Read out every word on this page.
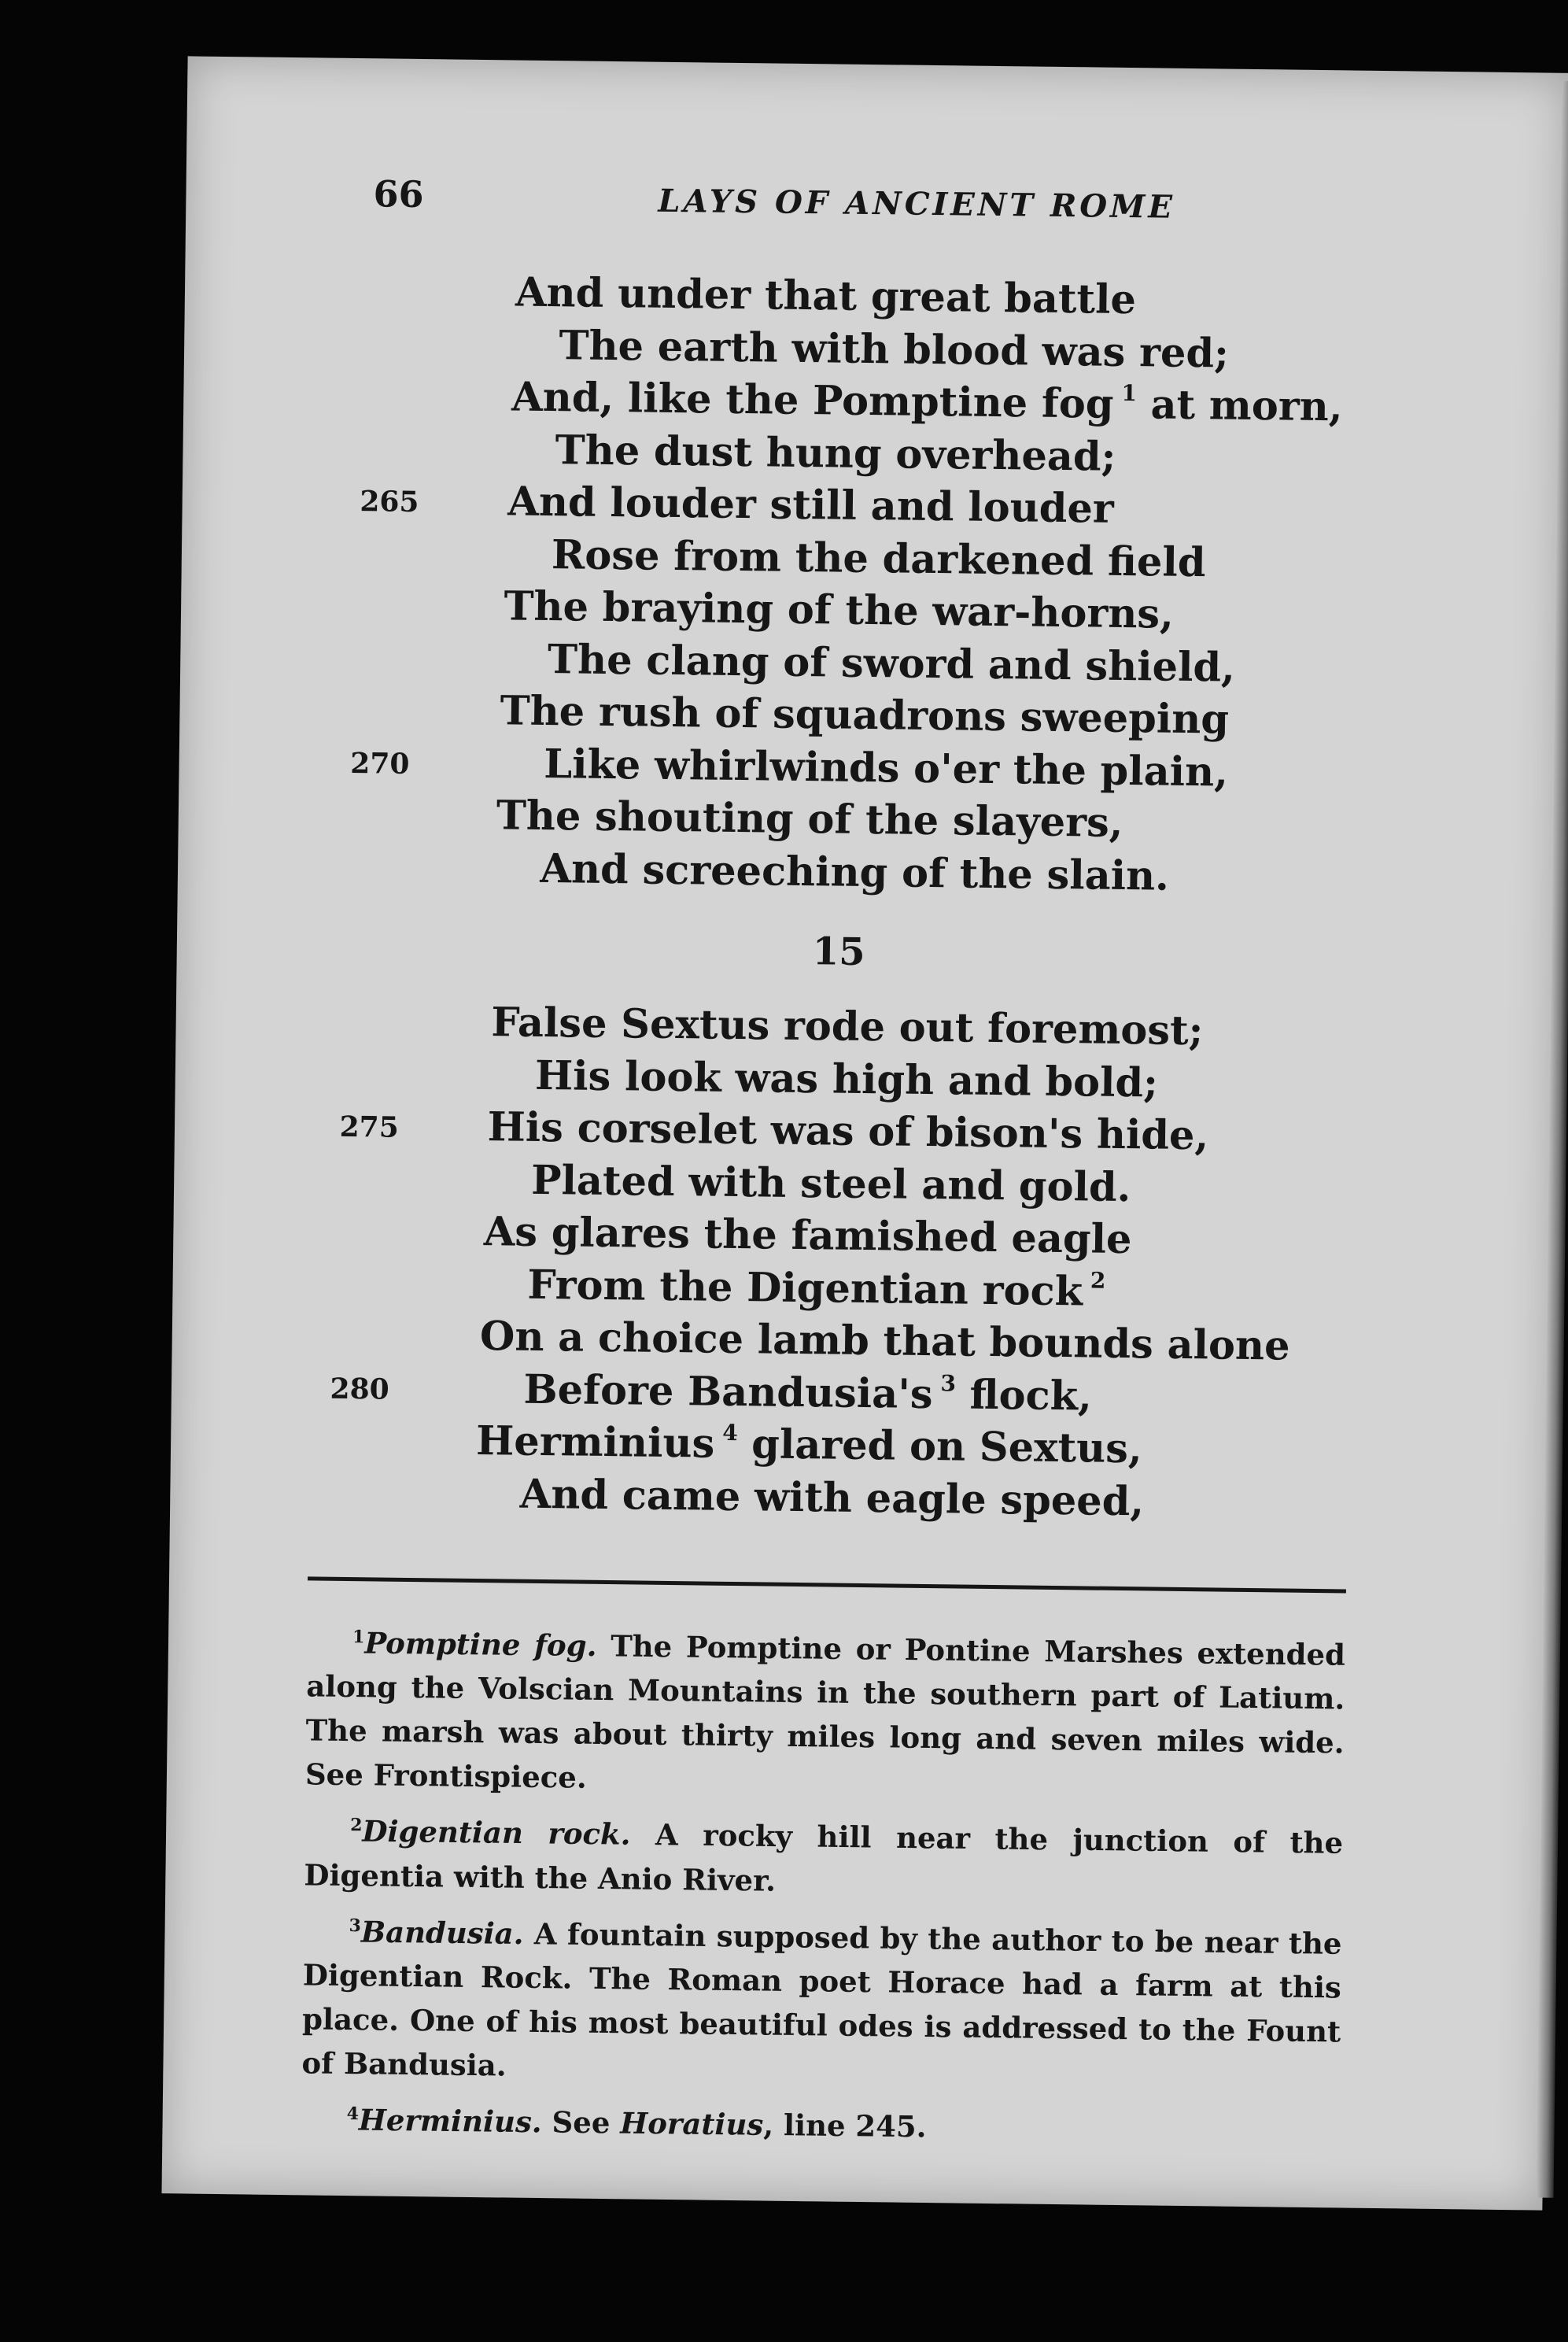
66	LAYS OF ANCIENT ROME
And under that great battle
The earth with blood was red;
And, like the Pomptine fog $^1$ at morn,
The dust hung overhead;
And louder still and louder
265
Rose from the darkened field
The braying of the war-horns,
The clang of sword and shield,
The rush of squadrons sweeping
Like whirlwinds o'er the plain,
270
The shouting of the slayers,
And screeching of the slain.
15
False Sextus rode out foremost;
His look was high and bold;
His corselet was of bison's hide,
275
Plated with steel and gold.
As glares the famished eagle
From the Digentian rock $^2$
On a choice lamb that bounds alone
Before Bandusia's $^3$ flock,
280
Herminius $^4$ glared on Sextus,
And came with eagle speed,

$^1$Pomptine fog. The Pomptine or Pontine Marshes extended along the Volscian Mountains in the southern part of Latium. The marsh was about thirty miles long and seven miles wide. See Frontispiece.

$^2$Digentian rock. A rocky hill near the junction of the Digentia with the Anio River.

$^3$Bandusia. A fountain supposed by the author to be near the Digentian Rock. The Roman poet Horace had a farm at this place. One of his most beautiful odes is addressed to the Fount of Bandusia.

$^4$Herminius. See Horatius, line 245.
